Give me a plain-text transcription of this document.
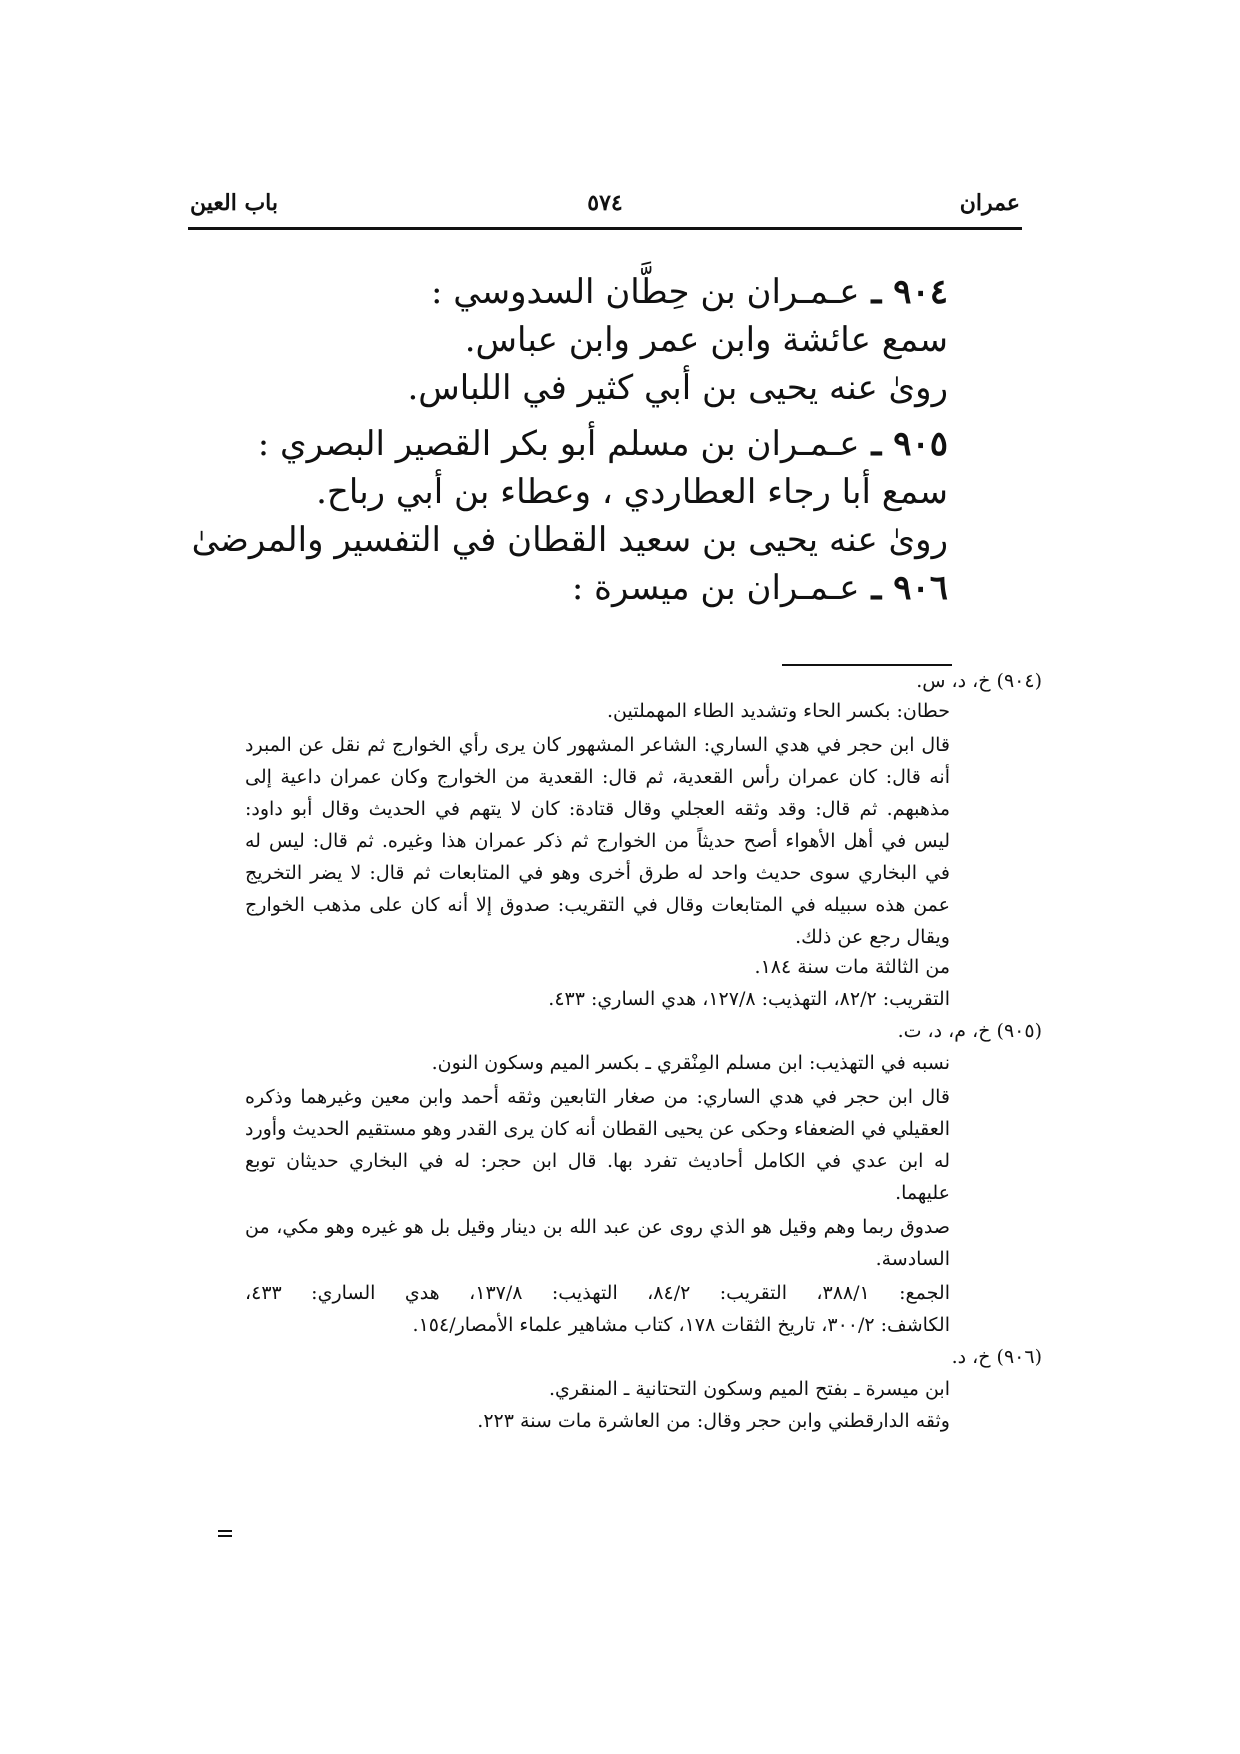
عمران
٥٧٤
باب العين
٩٠٤ ـ عـمـران بن حِطَّان السدوسي :
سمع عائشة وابن عمر وابن عباس.
روىٰ عنه يحيى بن أبي كثير في اللباس.
٩٠٥ ـ عـمـران بن مسلم أبو بكر القصير البصري :
سمع أبا رجاء العطاردي ، وعطاء بن أبي رباح.
روىٰ عنه يحيى بن سعيد القطان في التفسير والمرضىٰ
٩٠٦ ـ عـمـران بن ميسرة :
(٩٠٤) خ، د، س.
حطان: بكسر الحاء وتشديد الطاء المهملتين.
قال ابن حجر في هدي الساري: الشاعر المشهور كان يرى رأي الخوارج ثم نقل عن المبرد
أنه قال: كان عمران رأس القعدية، ثم قال: القعدية من الخوارج وكان عمران داعية إلى
مذهبهم. ثم قال: وقد وثقه العجلي وقال قتادة: كان لا يتهم في الحديث وقال أبو داود:
ليس في أهل الأهواء أصح حديثاً من الخوارج ثم ذكر عمران هذا وغيره. ثم قال: ليس له
في البخاري سوى حديث واحد له طرق أخرى وهو في المتابعات ثم قال: لا يضر التخريج
عمن هذه سبيله في المتابعات وقال في التقريب: صدوق إلا أنه كان على مذهب الخوارج
ويقال رجع عن ذلك.
من الثالثة مات سنة ١٨٤.
التقريب: ٨٢/٢، التهذيب: ١٢٧/٨، هدي الساري: ٤٣٣.
(٩٠٥) خ، م، د، ت.
نسبه في التهذيب: ابن مسلم المِنْقري ـ بكسر الميم وسكون النون.
قال ابن حجر في هدي الساري: من صغار التابعين وثقه أحمد وابن معين وغيرهما وذكره
العقيلي في الضعفاء وحكى عن يحيى القطان أنه كان يرى القدر وهو مستقيم الحديث وأورد
له ابن عدي في الكامل أحاديث تفرد بها. قال ابن حجر: له في البخاري حديثان توبع
عليهما.
صدوق ربما وهم وقيل هو الذي روى عن عبد الله بن دينار وقيل بل هو غيره وهو مكي، من
السادسة.
الجمع: ٣٨٨/١، التقريب: ٨٤/٢، التهذيب: ١٣٧/٨، هدي الساري: ٤٣٣،
الكاشف: ٣٠٠/٢، تاريخ الثقات ١٧٨، كتاب مشاهير علماء الأمصار/١٥٤.
(٩٠٦) خ، د.
ابن ميسرة ـ بفتح الميم وسكون التحتانية ـ المنقري.
وثقه الدارقطني وابن حجر وقال: من العاشرة مات سنة ٢٢٣.
